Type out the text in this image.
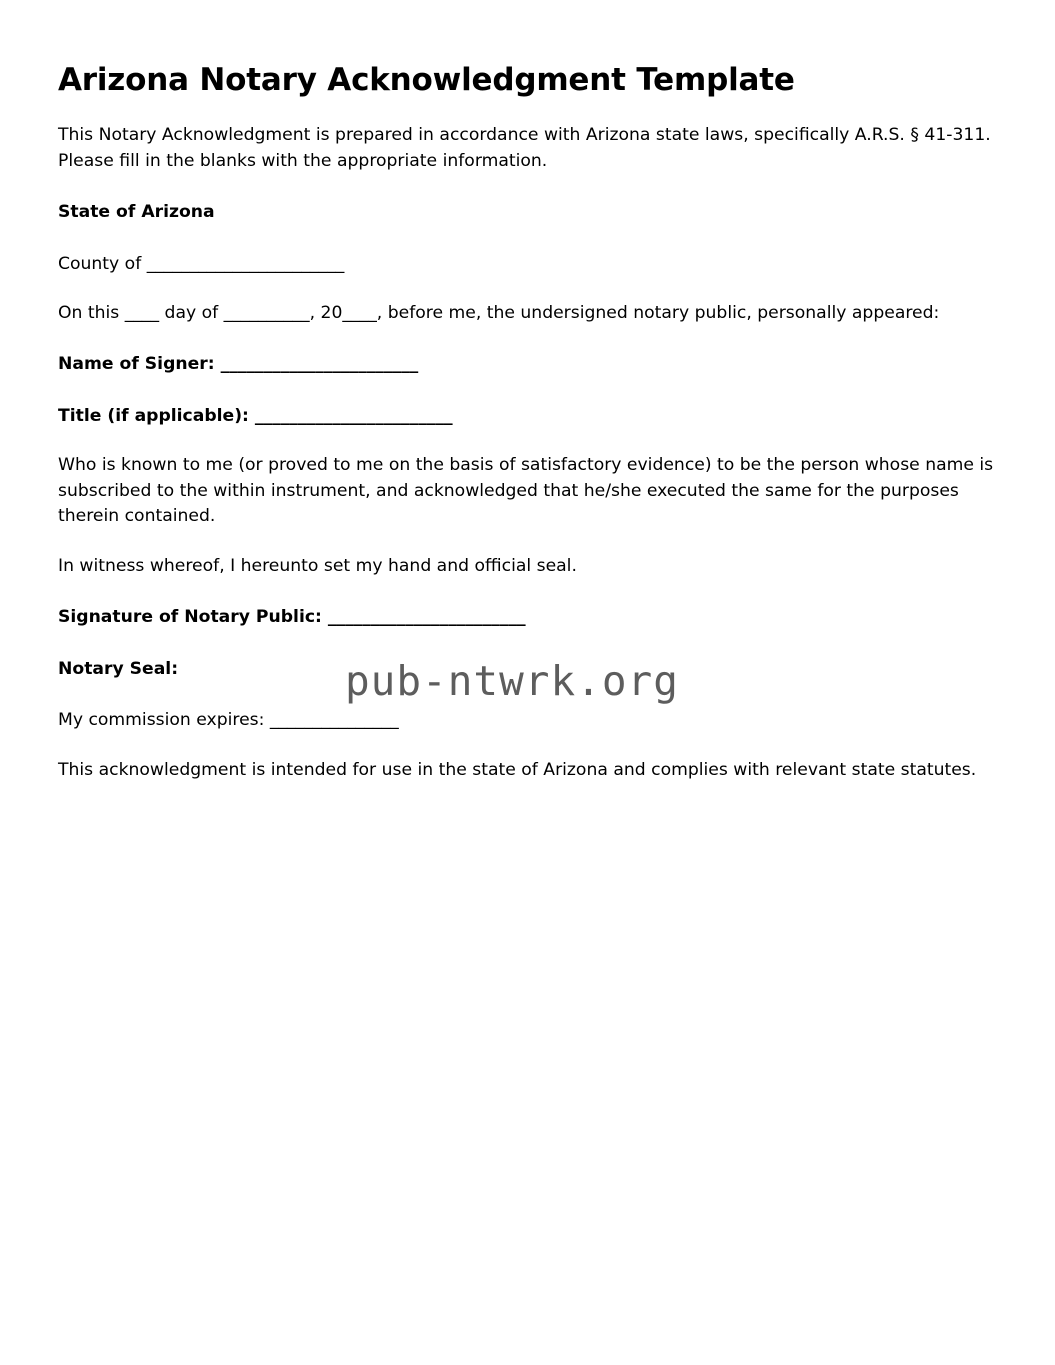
Arizona Notary Acknowledgment Template

This Notary Acknowledgment is prepared in accordance with Arizona state laws, specifically A.R.S. § 41-311. Please fill in the blanks with the appropriate information.

State of Arizona

County of _______________________

On this ____ day of __________, 20____, before me, the undersigned notary public, personally appeared:

Name of Signer: _______________________

Title (if applicable): _______________________

Who is known to me (or proved to me on the basis of satisfactory evidence) to be the person whose name is subscribed to the within instrument, and acknowledged that he/she executed the same for the purposes therein contained.

In witness whereof, I hereunto set my hand and official seal.

Signature of Notary Public: _______________________

Notary Seal:

My commission expires: _______________

This acknowledgment is intended for use in the state of Arizona and complies with relevant state statutes.

pub-ntwrk.org
